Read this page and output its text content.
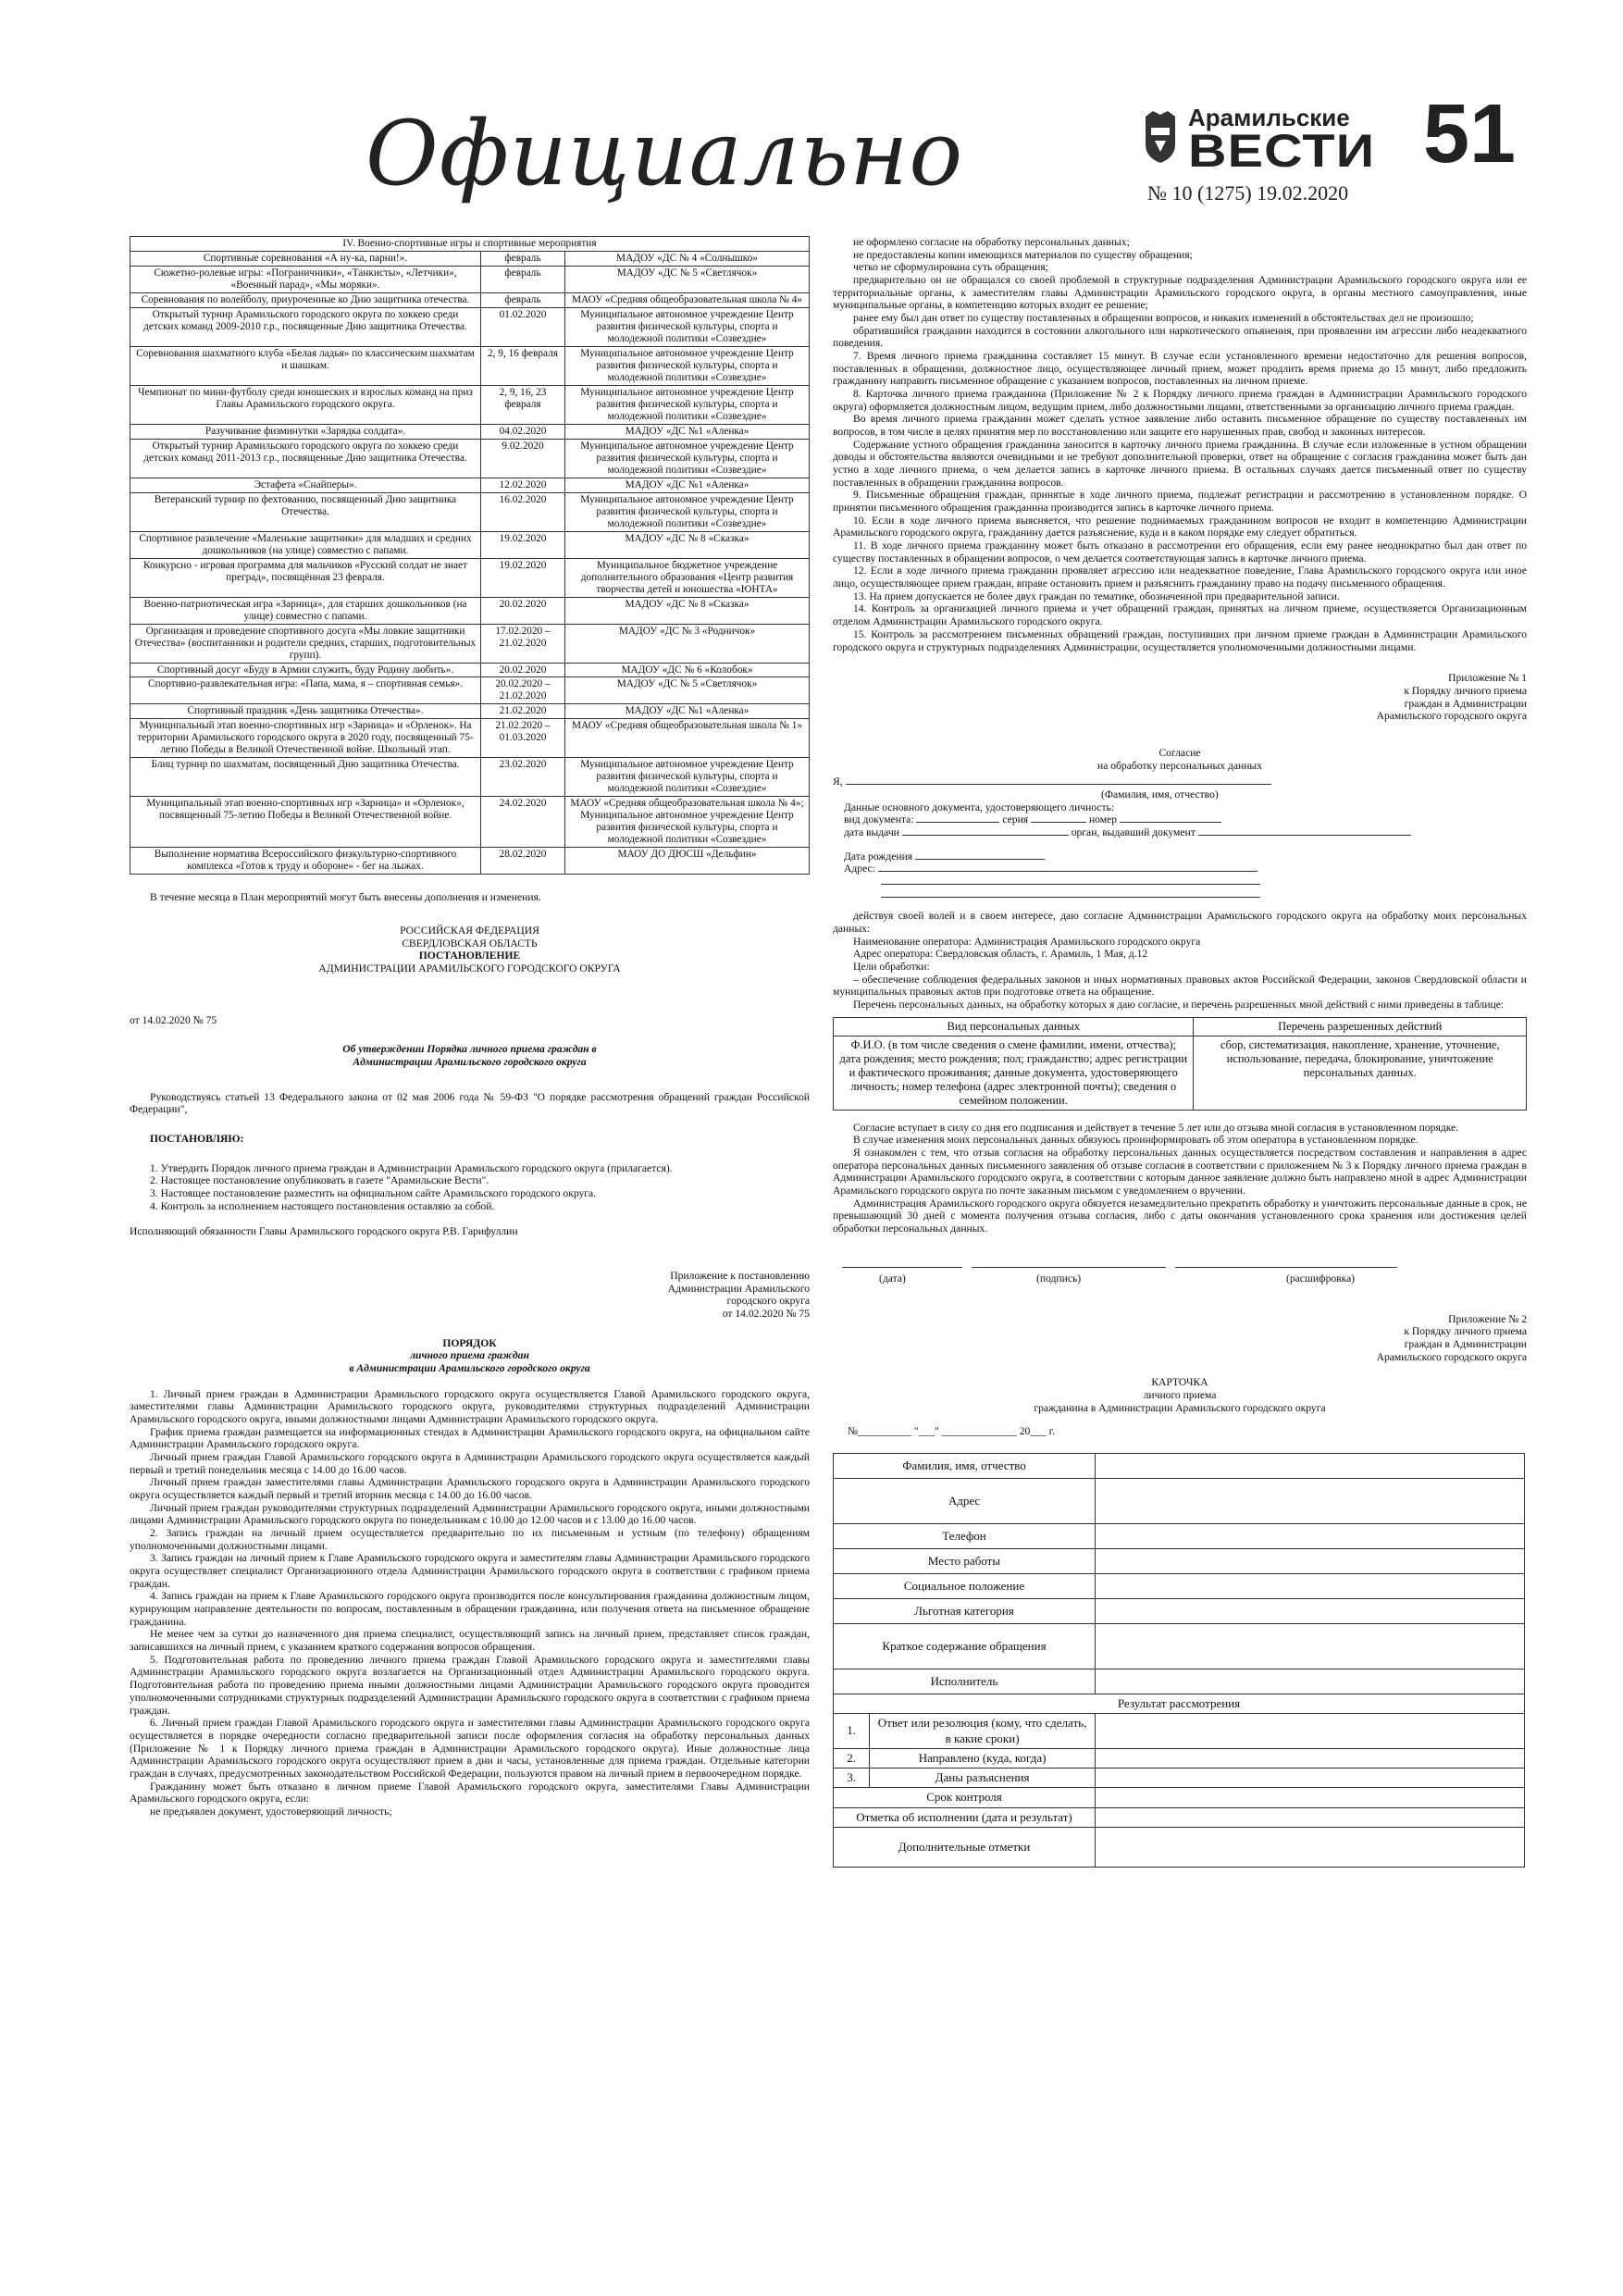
Официально	Арамильские
ВЕСТИ
№ 10 (1275) 19.02.2020
51
IV. Военно-спортивные игры и спортивные мероприятия		
Спортивные соревнования «А ну-ка, парни!».	февраль	МАДОУ «ДС № 4 «Солнышко»
Сюжетно-ролевые игры: «Пограничники», «Танкисты», «Летчики», «Военный парад», «Мы моряки».	февраль	МАДОУ «ДС № 5 «Светлячок»
Соревнования по волейболу, приуроченные ко Дню защитника отечества.	февраль	МАОУ «Средняя общеобразовательная школа № 4»
Открытый турнир Арамильского городского округа по хоккею среди детских команд 2009-2010 г.р., посвященные Дню защитника Отечества.	01.02.2020	Муниципальное автономное учреждение Центр развития физической культуры, спорта и молодежной политики «Созвездие»
Соревнования шахматного клуба «Белая ладья» по классическим шахматам и шашкам.	2, 9, 16 февраля	Муниципальное автономное учреждение Центр развития физической культуры, спорта и молодежной политики «Созвездие»
Чемпионат по мини-футболу среди юношеских и взрослых команд на приз Главы Арамильского городского округа.	2, 9, 16, 23 февраля	Муниципальное автономное учреждение Центр развития физической культуры, спорта и молодежной политики «Созвездие»
Разучивание физминутки «Зарядка солдата».	04.02.2020	МАДОУ «ДС №1 «Аленка»
Открытый турнир Арамильского городского округа по хоккею среди детских команд 2011-2013 г.р., посвященные Дню защитника Отечества.	9.02.2020	Муниципальное автономное учреждение Центр развития физической культуры, спорта и молодежной политики «Созвездие»
Эстафета «Снайперы».	12.02.2020	МАДОУ «ДС №1 «Аленка»
Ветеранский турнир по фехтованию, посвященный Дню защитника Отечества.	16.02.2020	Муниципальное автономное учреждение Центр развития физической культуры, спорта и молодежной политики «Созвездие»
Спортивное развлечение «Маленькие защитники» для младших и средних дошкольников (на улице) совместно с папами.	19.02.2020	МАДОУ «ДС № 8 «Сказка»
Конкурсно - игровая программа для мальчиков «Русский солдат не знает преград», посвящённая 23 февраля.	19.02.2020	Муниципальное бюджетное учреждение дополнительного образования «Центр развития творчества детей и юношества «ЮНТА»
Военно-патриотическая игра «Зарница», для старших дошкольников (на улице) совместно с папами.	20.02.2020	МАДОУ «ДС № 8 «Сказка»
Организация и проведение спортивного досуга «Мы ловкие защитники Отечества» (воспитанники и родители средних, старших, подготовительных групп).	17.02.2020 – 21.02.2020	МАДОУ «ДС № 3 «Родничок»
Спортивный досуг «Буду в Армии служить, буду Родину любить».	20.02.2020	МАДОУ «ДС № 6 «Колобок»
Спортивно-развлекательная игра: «Папа, мама, я – спортивная семья».	20.02.2020 – 21.02.2020	МАДОУ «ДС № 5 «Светлячок»
Спортивный праздник «День защитника Отечества».	21.02.2020	МАДОУ «ДС №1 «Аленка»
Муниципальный этап военно-спортивных игр «Зарница» и «Орленок». На территории Арамильского городского округа в 2020 году, посвященный 75-летию Победы в Великой Отечественной войне. Школьный этап.	21.02.2020 – 01.03.2020	МАОУ «Средняя общеобразовательная школа № 1»
Блиц турнир по шахматам, посвященный Дню защитника Отечества.	23.02.2020	Муниципальное автономное учреждение Центр развития физической культуры, спорта и молодежной политики «Созвездие»
Муниципальный этап военно-спортивных игр «Зарница» и «Орленок», посвященный 75-летию Победы в Великой Отечественной войне.	24.02.2020	МАОУ «Средняя общеобразовательная школа № 4»; Муниципальное автономное учреждение Центр развития физической культуры, спорта и молодежной политики «Созвездие»
Выполнение норматива Всероссийского физкультурно-спортивного комплекса «Готов к труду и обороне» - бег на лыжах.	28.02.2020	МАОУ ДО ДЮСШ «Дельфин»

В течение месяца в План мероприятий могут быть внесены дополнения и изменения.

РОССИЙСКАЯ ФЕДЕРАЦИЯ

СВЕРДЛОВСКАЯ ОБЛАСТЬ

ПОСТАНОВЛЕНИЕ

АДМИНИСТРАЦИИ АРАМИЛЬСКОГО ГОРОДСКОГО ОКРУГА

от 14.02.2020 № 75

Об утверждении Порядка личного приема граждан в

Администрации Арамильского городского округа

Руководствуясь статьей 13 Федерального закона от 02 мая 2006 года № 59-ФЗ "О порядке рассмотрения обращений граждан Российской Федерации",

ПОСТАНОВЛЯЮ:

1. Утвердить Порядок личного приема граждан в Администрации Арамильского городского округа (прилагается).

2. Настоящее постановление опубликовать в газете "Арамильские Вести".

3. Настоящее постановление разместить на официальном сайте Арамильского городского округа.

4. Контроль за исполнением настоящего постановления оставляю за собой.

Исполняющий обязанности Главы Арамильского городского округа Р.В. Гарифуллин

Приложение к постановлению

Администрации Арамильского

городского округа

от 14.02.2020 № 75

ПОРЯДОК

личного приема граждан

в Администрации Арамильского городского округа

1. Личный прием граждан в Администрации Арамильского городского округа осуществляется Главой Арамильского городского округа, заместителями главы Администрации Арамильского городского округа, руководителями структурных подразделений Администрации Арамильского городского округа, иными должностными лицами Администрации Арамильского городского округа.

График приема граждан размещается на информационных стендах в Администрации Арамильского городского округа, на официальном сайте Администрации Арамильского городского округа.

Личный прием граждан Главой Арамильского городского округа в Администрации Арамильского городского округа осуществляется каждый первый и третий понедельник месяца с 14.00 до 16.00 часов.

Личный прием граждан заместителями главы Администрации Арамильского городского округа в Администрации Арамильского городского округа осуществляется каждый первый и третий вторник месяца с 14.00 до 16.00 часов.

Личный прием граждан руководителями структурных подразделений Администрации Арамильского городского округа, иными должностными лицами Администрации Арамильского городского округа по понедельникам с 10.00 до 12.00 часов и с 13.00 до 16.00 часов.

2. Запись граждан на личный прием осуществляется предварительно по их письменным и устным (по телефону) обращениям уполномоченными должностными лицами.

3. Запись граждан на личный прием к Главе Арамильского городского округа и заместителям главы Администрации Арамильского городского округа осуществляет специалист Организационного отдела Администрации Арамильского городского округа в соответствии с графиком приема граждан.

4. Запись граждан на прием к Главе Арамильского городского округа производится после консультирования гражданина должностным лицом, курирующим направление деятельности по вопросам, поставленным в обращении гражданина, или получения ответа на письменное обращение гражданина.

Не менее чем за сутки до назначенного дня приема специалист, осуществляющий запись на личный прием, представляет список граждан, записавшихся на личный прием, с указанием краткого содержания вопросов обращения.

5. Подготовительная работа по проведению личного приема граждан Главой Арамильского городского округа и заместителями главы Администрации Арамильского городского округа возлагается на Организационный отдел Администрации Арамильского городского округа. Подготовительная работа по проведению приема иными должностными лицами Администрации Арамильского городского округа проводится уполномоченными сотрудниками структурных подразделений Администрации Арамильского городского округа в соответствии с графиком приема граждан.

6. Личный прием граждан Главой Арамильского городского округа и заместителями главы Администрации Арамильского городского округа осуществляется в порядке очередности согласно предварительной записи после оформления согласия на обработку персональных данных (Приложение № 1 к Порядку личного приема граждан в Администрации Арамильского городского округа). Иные должностные лица Администрации Арамильского городского округа осуществляют прием в дни и часы, установленные для приема граждан. Отдельные категории граждан в случаях, предусмотренных законодательством Российской Федерации, пользуются правом на личный прием в первоочередном порядке.

Гражданину может быть отказано в личном приеме Главой Арамильского городского округа, заместителями Главы Администрации Арамильского городского округа, если:

не предъявлен документ, удостоверяющий личность;

не оформлено согласие на обработку персональных данных;

не предоставлены копии имеющихся материалов по существу обращения;

четко не сформулирована суть обращения;

предварительно он не обращался со своей проблемой в структурные подразделения Администрации Арамильского городского округа или ее территориальные органы, к заместителям главы Администрации Арамильского городского округа, в органы местного самоуправления, иные муниципальные органы, в компетенцию которых входит ее решение;

ранее ему был дан ответ по существу поставленных в обращении вопросов, и никаких изменений в обстоятельствах дел не произошло;

обратившийся гражданин находится в состоянии алкогольного или наркотического опьянения, при проявлении им агрессии либо неадекватного поведения.

7. Время личного приема гражданина составляет 15 минут. В случае если установленного времени недостаточно для решения вопросов, поставленных в обращении, должностное лицо, осуществляющее личный прием, может продлить время приема до 15 минут, либо предложить гражданину направить письменное обращение с указанием вопросов, поставленных на личном приеме.

8. Карточка личного приема гражданина (Приложение № 2 к Порядку личного приема граждан в Администрации Арамильского городского округа) оформляется должностным лицом, ведущим прием, либо должностными лицами, ответственными за организацию личного приема граждан.

Во время личного приема гражданин может сделать устное заявление либо оставить письменное обращение по существу поставленных им вопросов, в том числе в целях принятия мер по восстановлению или защите его нарушенных прав, свобод и законных интересов.

Содержание устного обращения гражданина заносится в карточку личного приема гражданина. В случае если изложенные в устном обращении доводы и обстоятельства являются очевидными и не требуют дополнительной проверки, ответ на обращение с согласия гражданина может быть дан устно в ходе личного приема, о чем делается запись в карточке личного приема. В остальных случаях дается письменный ответ по существу поставленных в обращении гражданина вопросов.

9. Письменные обращения граждан, принятые в ходе личного приема, подлежат регистрации и рассмотрению в установленном порядке. О принятии письменного обращения гражданина производится запись в карточке личного приема.

10. Если в ходе личного приема выясняется, что решение поднимаемых гражданином вопросов не входит в компетенцию Администрации Арамильского городского округа, гражданину дается разъяснение, куда и в каком порядке ему следует обратиться.

11. В ходе личного приема гражданину может быть отказано в рассмотрении его обращения, если ему ранее неоднократно был дан ответ по существу поставленных в обращении вопросов, о чем делается соответствующая запись в карточке личного приема.

12. Если в ходе личного приема гражданин проявляет агрессию или неадекватное поведение, Глава Арамильского городского округа или иное лицо, осуществляющее прием граждан, вправе остановить прием и разъяснить гражданину право на подачу письменного обращения.

13. На прием допускается не более двух граждан по тематике, обозначенной при предварительной записи.

14. Контроль за организацией личного приема и учет обращений граждан, принятых на личном приеме, осуществляется Организационным отделом Администрации Арамильского городского округа.

15. Контроль за рассмотрением письменных обращений граждан, поступивших при личном приеме граждан в Администрации Арамильского городского округа и структурных подразделениях Администрации, осуществляется уполномоченными должностными лицами.

Приложение № 1

к Порядку личного приема

граждан в Администрации

Арамильского городского округа

Согласие

на обработку персональных данных

Я,

(Фамилия, имя, отчество)

Данные основного документа, удостоверяющего личность:

вид документа:	серия	номер

дата выдачи	орган, выдавший документ

Дата рождения

Адрес:

действуя своей волей и в своем интересе, даю согласие Администрации Арамильского городского округа на обработку моих персональных данных:

Наименование оператора: Администрация Арамильского городского округа

Адрес оператора: Свердловская область, г. Арамиль, 1 Мая, д.12

Цели обработки:

– обеспечение соблюдения федеральных законов и иных нормативных правовых актов Российской Федерации, законов Свердловской области и муниципальных правовых актов при подготовке ответа на обращение.

Перечень персональных данных, на обработку которых я даю согласие, и перечень разрешенных мной действий с ними приведены в таблице:

Вид персональных данных	Перечень разрешенных действий
Ф.И.О. (в том числе сведения о смене фамилии, имени, отчества); дата рождения; место рождения; пол; гражданство; адрес регистрации и фактического проживания; данные документа, удостоверяющего личность; номер телефона (адрес электронной почты); сведения о семейном положении.	сбор, систематизация, накопление, хранение, уточнение, использование, передача, блокирование, уничтожение персональных данных.

Согласие вступает в силу со дня его подписания и действует в течение 5 лет или до отзыва мной согласия в установленном порядке.

В случае изменения моих персональных данных обязуюсь проинформировать об этом оператора в установленном порядке.

Я ознакомлен с тем, что отзыв согласия на обработку персональных данных осуществляется посредством составления и направления в адрес оператора персональных данных письменного заявления об отзыве согласия в соответствии с приложением № 3 к Порядку личного приема граждан в Администрации Арамильского городского округа, в соответствии с которым данное заявление должно быть направлено мной в адрес Администрации Арамильского городского округа по почте заказным письмом с уведомлением о вручении.

Администрация Арамильского городского округа обязуется незамедлительно прекратить обработку и уничтожить персональные данные в срок, не превышающий 30 дней с момента получения отзыва согласия, либо с даты окончания установленного срока хранения или достижения целей обработки персональных данных.

(дата)	(подпись)	(расшифровка)

Приложение № 2

к Порядку личного приема

граждан в Администрации

Арамильского городского округа

КАРТОЧКА

личного приема

гражданина в Администрации Арамильского городского округа

№__________ "___" ______________ 20___ г.

Фамилия, имя, отчество		
Адрес		
Телефон		
Место работы		
Социальное положение		
Льготная категория		
Краткое содержание обращения		
Исполнитель		
Результат рассмотрения		
1.	Ответ или резолюция (кому, что сделать, в какие сроки)	
2.	Направлено (куда, когда)	
3.	Даны разъяснения	
Срок контроля		
Отметка об исполнении (дата и результат)		
Дополнительные отметки		
